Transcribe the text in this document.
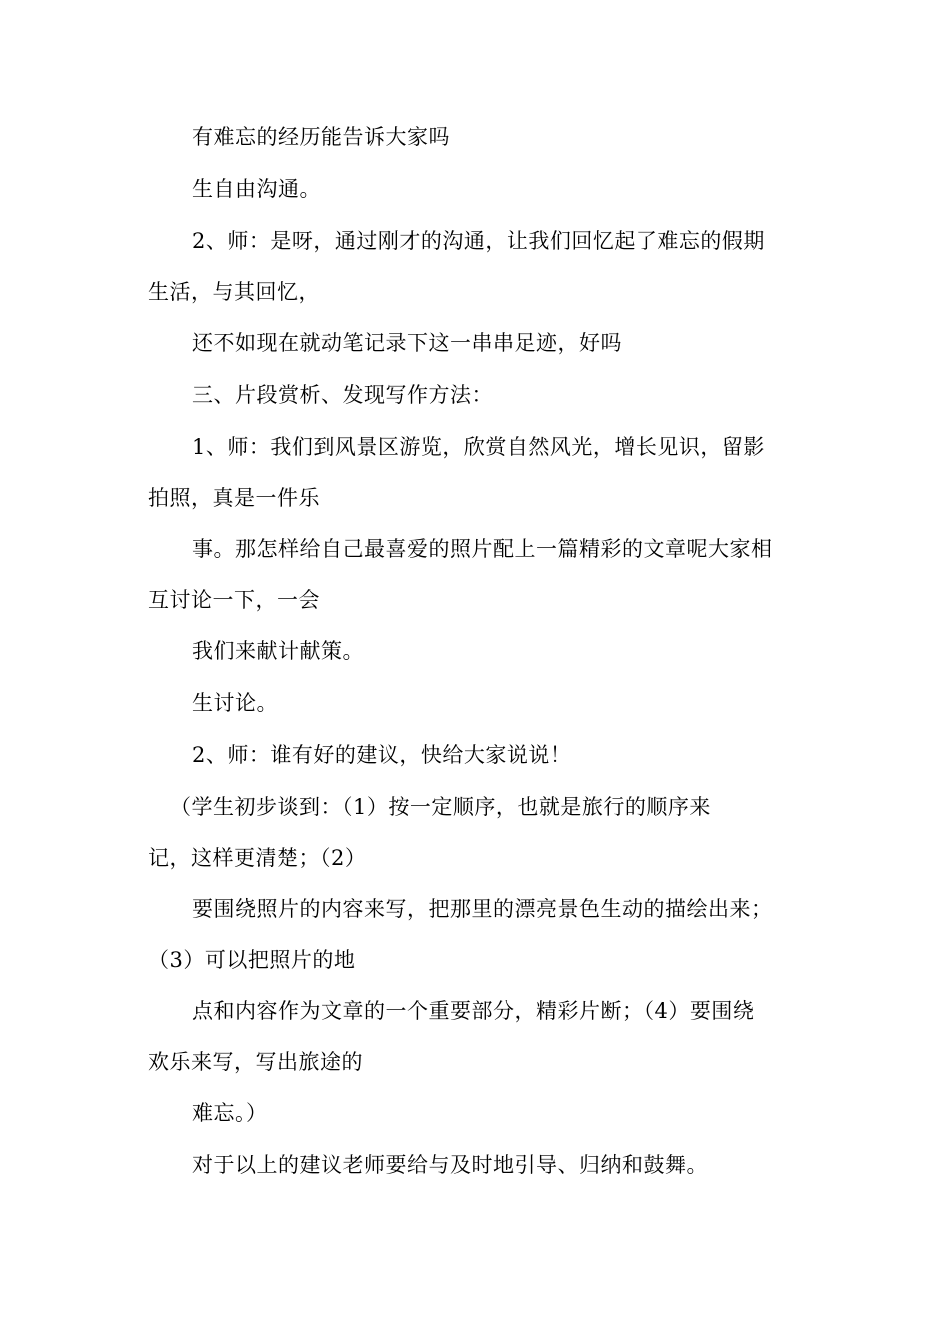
有难忘的经历能告诉大家吗
生自由沟通。
2、师：是呀，通过刚才的沟通，让我们回忆起了难忘的假期
生活，与其回忆，
还不如现在就动笔记录下这一串串足迹，好吗
三、片段赏析、发现写作方法：
1、师：我们到风景区游览，欣赏自然风光，增长见识，留影
拍照，真是一件乐
事。那怎样给自己最喜爱的照片配上一篇精彩的文章呢大家相
互讨论一下，一会
我们来献计献策。
生讨论。
2、师：谁有好的建议，快给大家说说！
（学生初步谈到：（1）按一定顺序，也就是旅行的顺序来
记，这样更清楚；（2）
要围绕照片的内容来写，把那里的漂亮景色生动的描绘出来；
（3）可以把照片的地
点和内容作为文章的一个重要部分，精彩片断；（4）要围绕
欢乐来写，写出旅途的
难忘。）
对于以上的建议老师要给与及时地引导、归纳和鼓舞。
